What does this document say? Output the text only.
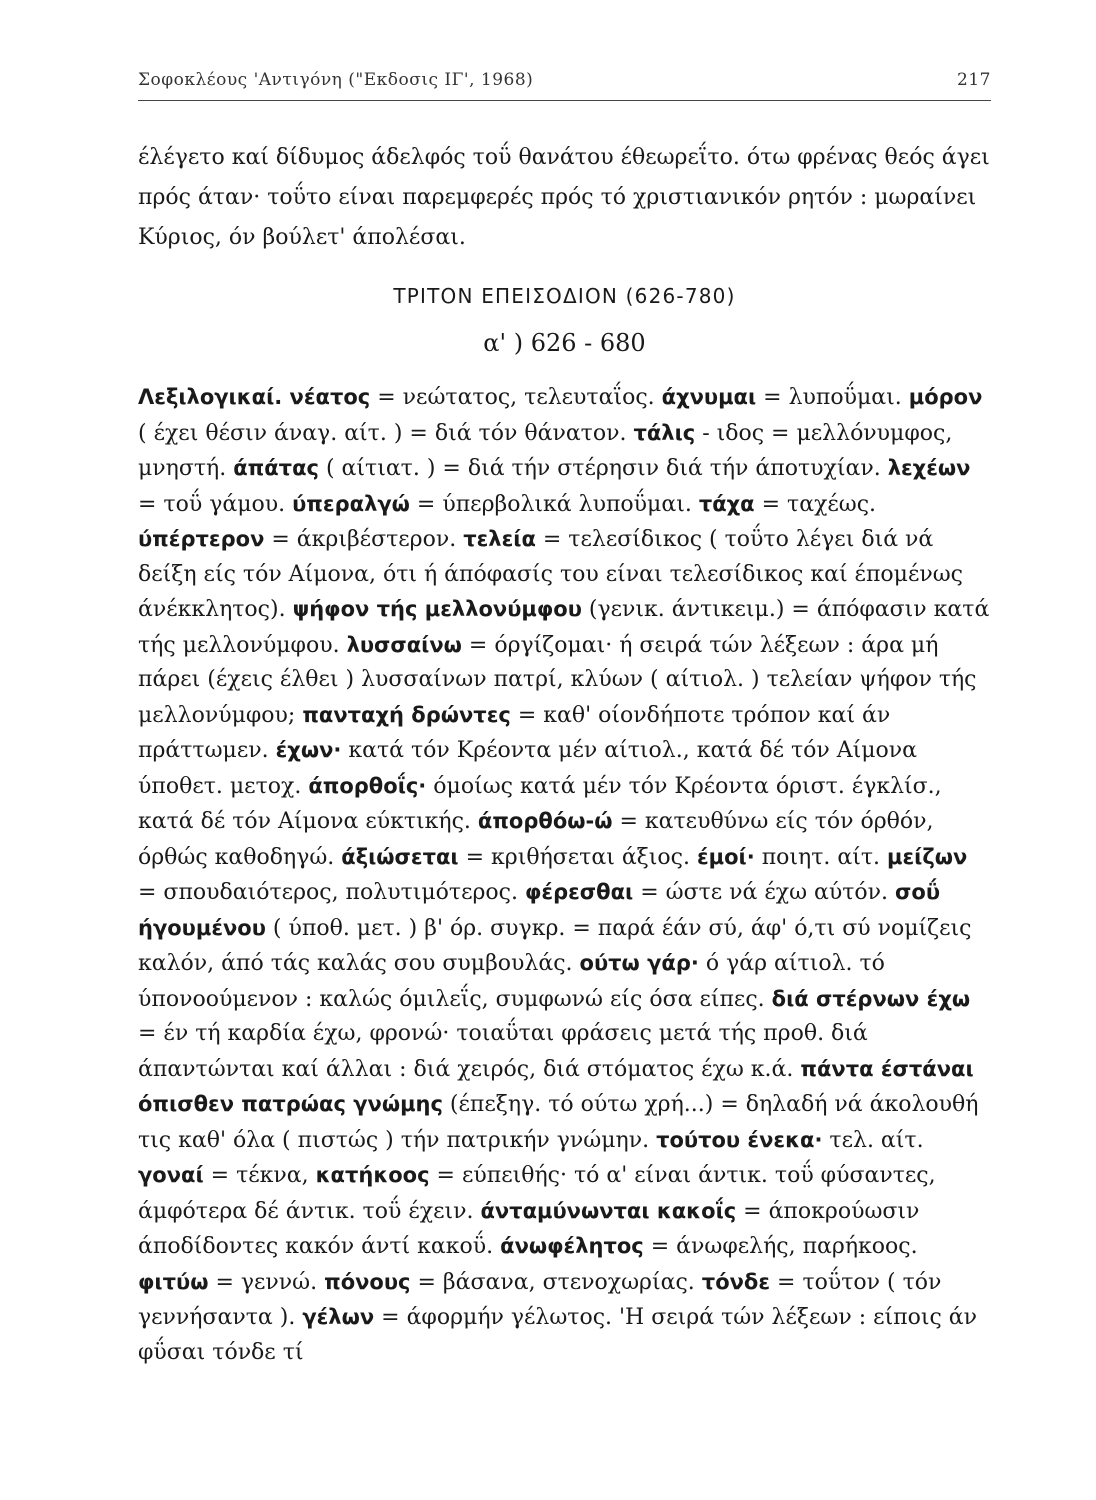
Σοφοκλέους 'Αντιγόνη ("Εκδοσις ΙΓ', 1968)	217

έλέγετο καί δίδυμος άδελφός τοΰ θανάτου έθεωρεΐτο. ότω φρένας θεός άγει πρός άταν· τοΰτο είναι παρεμφερές πρός τό χριστιανικόν ρητόν : μωραίνει Κύριος, όν βούλετ' άπολέσαι.

ΤΡΙΤΟΝ ΕΠΕΙΣΟΔΙΟΝ (626-780)
α' ) 626 - 680

Λεξιλογικαί. νέατος = νεώτατος, τελευταΐος. άχνυμαι = λυποΰμαι. μόρον ( έχει θέσιν άναγ. αίτ. ) = διά τόν θάνατον. τάλις - ιδος = μελλόνυμφος, μνηστή. άπάτας ( αίτιατ. ) = διά τήν στέρησιν διά τήν άποτυχίαν. λεχέων = τοΰ γάμου. ύπεραλγώ = ύπερβολικά λυποΰμαι. τάχα = ταχέως. ύπέρτερον = άκριβέστερον. τελεία = τελεσίδικος ( τοΰτο λέγει διά νά δείξη είς τόν Αίμονα, ότι ή άπόφασίς του είναι τελεσίδικος καί έπομένως άνέκκλητος). ψήφον τής μελλονύμφου (γενικ. άντικειμ.) = άπόφασιν κατά τής μελλονύμφου. λυσσαίνω = όργίζομαι· ή σειρά τών λέξεων : άρα μή πάρει (έχεις έλθει ) λυσσαίνων πατρί, κλύων ( αίτιολ. ) τελείαν ψήφον τής μελλονύμφου; πανταχή δρώντες = καθ' οίονδήποτε τρόπον καί άν πράττωμεν. έχων· κατά τόν Κρέοντα μέν αίτιολ., κατά δέ τόν Αίμονα ύποθετ. μετοχ. άπορθοΐς· όμοίως κατά μέν τόν Κρέοντα όριστ. έγκλίσ., κατά δέ τόν Αίμονα εύκτικής. άπορθόω-ώ = κατευθύνω είς τόν όρθόν, όρθώς καθοδηγώ. άξιώσεται = κριθήσεται άξιος. έμοί· ποιητ. αίτ. μείζων = σπουδαιότερος, πολυτιμότερος. φέρεσθαι = ώστε νά έχω αύτόν. σοΰ ήγουμένου ( ύποθ. μετ. ) β' όρ. συγκρ. = παρά έάν σύ, άφ' ό,τι σύ νομίζεις καλόν, άπό τάς καλάς σου συμβουλάς. ούτω γάρ· ό γάρ αίτιολ. τό ύπονοούμενον : καλώς όμιλεΐς, συμφωνώ είς όσα είπες. διά στέρνων έχω = έν τή καρδία έχω, φρονώ· τοιαΰται φράσεις μετά τής προθ. διά άπαντώνται καί άλλαι : διά χειρός, διά στόματος έχω κ.ά. πάντα έστάναι όπισθεν πατρώας γνώμης (έπεξηγ. τό ούτω χρή...) = δηλαδή νά άκολουθή τις καθ' όλα ( πιστώς ) τήν πατρικήν γνώμην. τούτου ένεκα· τελ. αίτ. γοναί = τέκνα, κατήκοος = εύπειθής· τό α' είναι άντικ. τοΰ φύσαντες, άμφότερα δέ άντικ. τοΰ έχειν. άνταμύνωνται κακοΐς = άποκρούωσιν άποδίδοντες κακόν άντί κακοΰ. άνωφέλητος = άνωφελής, παρήκοος. φιτύω = γεννώ. πόνους = βάσανα, στενοχωρίας. τόνδε = τοΰτον ( τόν γεννήσαντα ). γέλων = άφορμήν γέλωτος. 'Η σειρά τών λέξεων : είποις άν φΰσαι τόνδε τί
